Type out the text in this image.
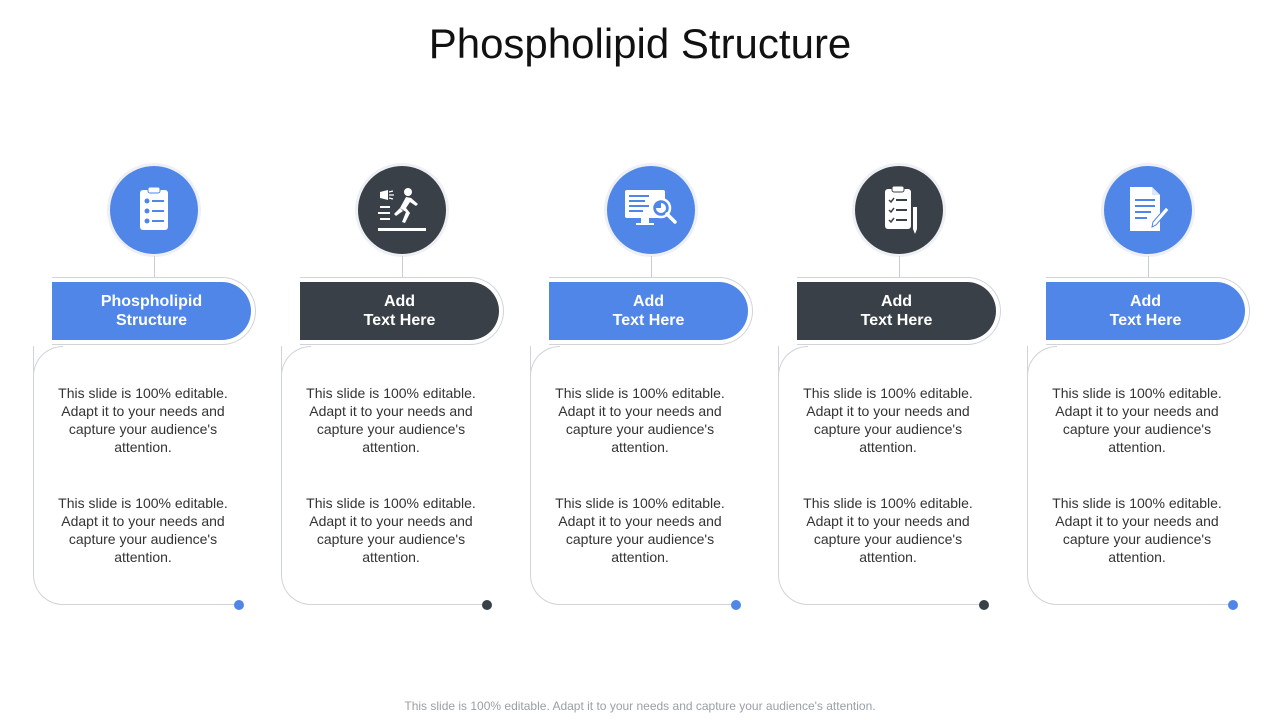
Phospholipid Structure
Phospholipid
Structure
This slide is 100% editable. Adapt it to your needs and capture your audience's attention.
This slide is 100% editable. Adapt it to your needs and capture your audience's attention.
Add
Text Here
This slide is 100% editable. Adapt it to your needs and capture your audience's attention.
This slide is 100% editable. Adapt it to your needs and capture your audience's attention.
Add
Text Here
This slide is 100% editable. Adapt it to your needs and capture your audience's attention.
This slide is 100% editable. Adapt it to your needs and capture your audience's attention.
Add
Text Here
This slide is 100% editable. Adapt it to your needs and capture your audience's attention.
This slide is 100% editable. Adapt it to your needs and capture your audience's attention.
Add
Text Here
This slide is 100% editable. Adapt it to your needs and capture your audience's attention.
This slide is 100% editable. Adapt it to your needs and capture your audience's attention.
This slide is 100% editable. Adapt it to your needs and capture your audience's attention.
